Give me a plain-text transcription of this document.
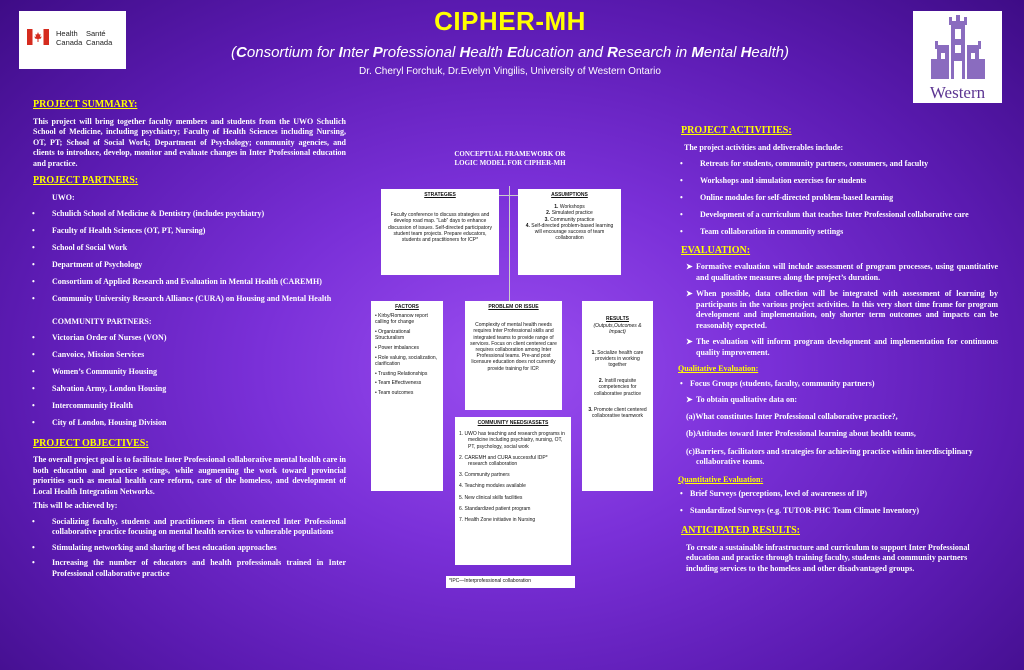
Health Santé
Canada Canada
Western
CIPHER-MH
(Consortium for Inter Professional Health Education and Research in Mental Health)
Dr. Cheryl Forchuk, Dr.Evelyn Vingilis, University of Western Ontario
PROJECT SUMMARY:
This project will bring together faculty members and students from the UWO Schulich School of Medicine, including psychiatry; Faculty of Health Sciences including Nursing, OT, PT; School of Social Work; Department of Psychology; community agencies, and clients to introduce, develop, monitor and evaluate changes in Inter Professional education and practice.
PROJECT PARTNERS:
UWO:
• Schulich School of Medicine & Dentistry (includes psychiatry)
• Faculty of Health Sciences (OT, PT, Nursing)
• School of Social Work
• Department of Psychology
• Consortium of Applied Research and Evaluation in Mental Health (CAREMH)
• Community University Research Alliance (CURA) on Housing and Mental Health
COMMUNITY PARTNERS:
• Victorian Order of Nurses (VON)
• Canvoice, Mission Services
• Women’s Community Housing
• Salvation Army, London Housing
• Intercommunity Health
• City of London, Housing Division
PROJECT OBJECTIVES:
The overall project goal is to facilitate Inter Professional collaborative mental health care in both education and practice settings, while augmenting the work toward provincial priorities such as mental health care reform, care of the homeless, and development of Local Health Integration Networks.
This will be achieved by:
• Socializing faculty, students and practitioners in client centered Inter Professional collaborative practice focusing on mental health services to vulnerable populations
• Stimulating networking and sharing of best education approaches
• Increasing the number of educators and health professionals trained in Inter Professional collaborative practice
CONCEPTUAL FRAMEWORK OR
LOGIC MODEL FOR CIPHER-MH
STRATEGIES
Faculty conference to discuss strategies and develop road map. “Lab” days to enhance discussion of issues. Self-directed participatory student team projects. Prepare educators, students and practitioners for ICP*
ASSUMPTIONS
1. Workshops
2. Simulated practice
3. Community practice
4. Self-directed problem-based learning will encourage success of team collaboration
FACTORS
• Kirby/Romanow report calling for change
• Organizational Structuralism
• Power imbalances
• Role valuing, socialization, clarification
• Trusting Relationships
• Team Effectiveness
• Team outcomes
PROBLEM OR ISSUE
Complexity of mental health needs requires Inter Professional skills and integrated teams to provide range of services. Focus on client centered care requires collaboration among Inter Professional teams. Pre-and post licensure education does not currently provide training for ICP.
RESULTS
(Outputs,Outcomes & Impact)
1. Socialize health care providers in working together
2. Instill requisite competencies for collaborative practice
3. Promote client centered collaborative teamwork
COMMUNITY NEEDS/ASSETS
1. UWO has teaching and research programs in medicine including psychiatry, nursing, OT, PT, psychology, social work
2. CAREMH and CURA successful IDP* research collaboration
3. Community partners
4. Teaching modules available
5. New clinical skills facilities
6. Standardized patient program
7. Health Zone initiative in Nursing
*IPC—Interprofessional collaboration
PROJECT ACTIVITIES:
The project activities and deliverables include:
• Retreats for students, community partners, consumers, and faculty
• Workshops and simulation exercises for students
• Online modules for self-directed problem-based learning
• Development of a curriculum that teaches Inter Professional collaborative care
• Team collaboration in community settings
EVALUATION:
➤ Formative evaluation will include assessment of program processes, using quantitative and qualitative measures along the project’s duration.
➤ When possible, data collection will be integrated with assessment of learning by participants in the various project activities. In this very short time frame for program development and implementation, only shorter term outcomes and impacts can be reasonably expected.
➤ The evaluation will inform program development and implementation for continuous quality improvement.
Qualitative Evaluation:
• Focus Groups (students, faculty, community partners)
➤ To obtain qualitative data on:
(a)What constitutes Inter Professional collaborative practice?,
(b)Attitudes toward Inter Professional learning about health teams,
(c)Barriers, facilitators and strategies for achieving practice within interdisciplinary collaborative teams.
Quantitative Evaluation:
• Brief Surveys (perceptions, level of awareness of IP)
• Standardized Surveys (e.g. TUTOR-PHC Team Climate Inventory)
ANTICIPATED RESULTS:
To create a sustainable infrastructure and curriculum to support Inter Professional education and practice through training faculty, students and community partners including services to the homeless and other disadvantaged groups.
